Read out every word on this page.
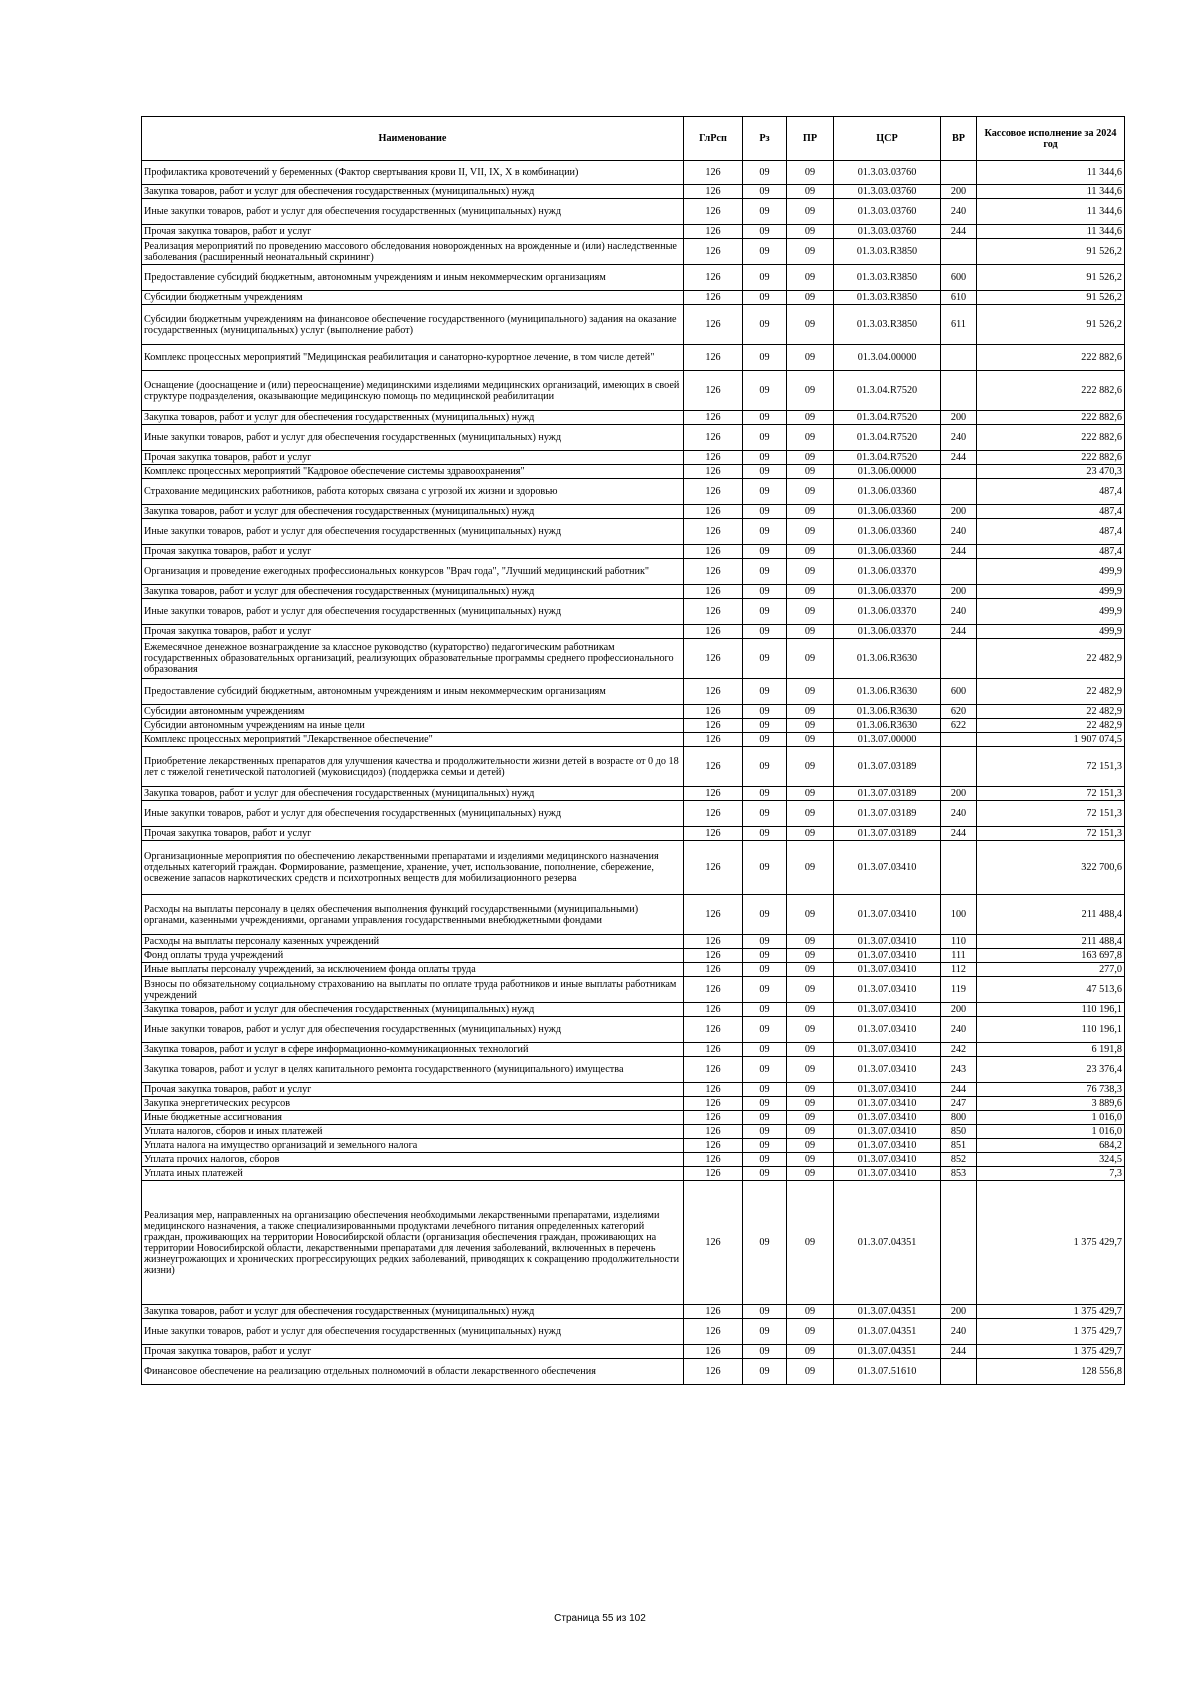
Наименование	ГлРсп	Рз	ПР	ЦСР	ВР	Кассовое исполнение за 2024 год
Профилактика кровотечений у беременных (Фактор свертывания крови II, VII, IX, X в комбинации)	126	09	09	01.3.03.03760		11 344,6
Закупка товаров, работ и услуг для обеспечения государственных (муниципальных) нужд	126	09	09	01.3.03.03760	200	11 344,6
Иные закупки товаров, работ и услуг для обеспечения государственных (муниципальных) нужд	126	09	09	01.3.03.03760	240	11 344,6
Прочая закупка товаров, работ и услуг	126	09	09	01.3.03.03760	244	11 344,6
Реализация мероприятий по проведению массового обследования новорожденных на врожденные и (или) наследственные заболевания (расширенный неонатальный скрининг)	126	09	09	01.3.03.R3850		91 526,2
Предоставление субсидий бюджетным, автономным учреждениям и иным некоммерческим организациям	126	09	09	01.3.03.R3850	600	91 526,2
Субсидии бюджетным учреждениям	126	09	09	01.3.03.R3850	610	91 526,2
Субсидии бюджетным учреждениям на финансовое обеспечение государственного (муниципального) задания на оказание государственных (муниципальных) услуг (выполнение работ)	126	09	09	01.3.03.R3850	611	91 526,2
Комплекс процессных мероприятий "Медицинская реабилитация и санаторно-курортное лечение, в том числе детей"	126	09	09	01.3.04.00000		222 882,6
Оснащение (дооснащение и (или) переоснащение) медицинскими изделиями медицинских организаций, имеющих в своей структуре подразделения, оказывающие медицинскую помощь по медицинской реабилитации	126	09	09	01.3.04.R7520		222 882,6
Закупка товаров, работ и услуг для обеспечения государственных (муниципальных) нужд	126	09	09	01.3.04.R7520	200	222 882,6
Иные закупки товаров, работ и услуг для обеспечения государственных (муниципальных) нужд	126	09	09	01.3.04.R7520	240	222 882,6
Прочая закупка товаров, работ и услуг	126	09	09	01.3.04.R7520	244	222 882,6
Комплекс процессных мероприятий "Кадровое обеспечение системы здравоохранения"	126	09	09	01.3.06.00000		23 470,3
Страхование медицинских работников, работа которых связана с угрозой их жизни и здоровью	126	09	09	01.3.06.03360		487,4
Закупка товаров, работ и услуг для обеспечения государственных (муниципальных) нужд	126	09	09	01.3.06.03360	200	487,4
Иные закупки товаров, работ и услуг для обеспечения государственных (муниципальных) нужд	126	09	09	01.3.06.03360	240	487,4
Прочая закупка товаров, работ и услуг	126	09	09	01.3.06.03360	244	487,4
Организация и проведение ежегодных профессиональных конкурсов "Врач года", "Лучший медицинский работник"	126	09	09	01.3.06.03370		499,9
Закупка товаров, работ и услуг для обеспечения государственных (муниципальных) нужд	126	09	09	01.3.06.03370	200	499,9
Иные закупки товаров, работ и услуг для обеспечения государственных (муниципальных) нужд	126	09	09	01.3.06.03370	240	499,9
Прочая закупка товаров, работ и услуг	126	09	09	01.3.06.03370	244	499,9
Ежемесячное денежное вознаграждение за классное руководство (кураторство) педагогическим работникам государственных образовательных организаций, реализующих образовательные программы среднего профессионального образования	126	09	09	01.3.06.R3630		22 482,9
Предоставление субсидий бюджетным, автономным учреждениям и иным некоммерческим организациям	126	09	09	01.3.06.R3630	600	22 482,9
Субсидии автономным учреждениям	126	09	09	01.3.06.R3630	620	22 482,9
Субсидии автономным учреждениям на иные цели	126	09	09	01.3.06.R3630	622	22 482,9
Комплекс процессных мероприятий "Лекарственное обеспечение"	126	09	09	01.3.07.00000		1 907 074,5
Приобретение лекарственных препаратов для улучшения качества и продолжительности жизни детей в возрасте от 0 до 18 лет с тяжелой генетической патологией (муковисцидоз) (поддержка семьи и детей)	126	09	09	01.3.07.03189		72 151,3
Закупка товаров, работ и услуг для обеспечения государственных (муниципальных) нужд	126	09	09	01.3.07.03189	200	72 151,3
Иные закупки товаров, работ и услуг для обеспечения государственных (муниципальных) нужд	126	09	09	01.3.07.03189	240	72 151,3
Прочая закупка товаров, работ и услуг	126	09	09	01.3.07.03189	244	72 151,3
Организационные мероприятия по обеспечению лекарственными препаратами и изделиями медицинского назначения отдельных категорий граждан. Формирование, размещение, хранение, учет, использование, пополнение, сбережение, освежение запасов наркотических средств и психотропных веществ для мобилизационного резерва	126	09	09	01.3.07.03410		322 700,6
Расходы на выплаты персоналу в целях обеспечения выполнения функций государственными (муниципальными) органами, казенными учреждениями, органами управления государственными внебюджетными фондами	126	09	09	01.3.07.03410	100	211 488,4
Расходы на выплаты персоналу казенных учреждений	126	09	09	01.3.07.03410	110	211 488,4
Фонд оплаты труда учреждений	126	09	09	01.3.07.03410	111	163 697,8
Иные выплаты персоналу учреждений, за исключением фонда оплаты труда	126	09	09	01.3.07.03410	112	277,0
Взносы по обязательному социальному страхованию на выплаты по оплате труда работников и иные выплаты работникам учреждений	126	09	09	01.3.07.03410	119	47 513,6
Закупка товаров, работ и услуг для обеспечения государственных (муниципальных) нужд	126	09	09	01.3.07.03410	200	110 196,1
Иные закупки товаров, работ и услуг для обеспечения государственных (муниципальных) нужд	126	09	09	01.3.07.03410	240	110 196,1
Закупка товаров, работ и услуг в сфере информационно-коммуникационных технологий	126	09	09	01.3.07.03410	242	6 191,8
Закупка товаров, работ и услуг в целях капитального ремонта государственного (муниципального) имущества	126	09	09	01.3.07.03410	243	23 376,4
Прочая закупка товаров, работ и услуг	126	09	09	01.3.07.03410	244	76 738,3
Закупка энергетических ресурсов	126	09	09	01.3.07.03410	247	3 889,6
Иные бюджетные ассигнования	126	09	09	01.3.07.03410	800	1 016,0
Уплата налогов, сборов и иных платежей	126	09	09	01.3.07.03410	850	1 016,0
Уплата налога на имущество организаций и земельного налога	126	09	09	01.3.07.03410	851	684,2
Уплата прочих налогов, сборов	126	09	09	01.3.07.03410	852	324,5
Уплата иных платежей	126	09	09	01.3.07.03410	853	7,3
Реализация мер, направленных на организацию обеспечения необходимыми лекарственными препаратами, изделиями медицинского назначения, а также специализированными продуктами лечебного питания определенных категорий граждан, проживающих на территории Новосибирской области (организация обеспечения граждан, проживающих на территории Новосибирской области, лекарственными препаратами для лечения заболеваний, включенных в перечень жизнеугрожающих и хронических прогрессирующих редких заболеваний, приводящих к сокращению продолжительности жизни)	126	09	09	01.3.07.04351		1 375 429,7
Закупка товаров, работ и услуг для обеспечения государственных (муниципальных) нужд	126	09	09	01.3.07.04351	200	1 375 429,7
Иные закупки товаров, работ и услуг для обеспечения государственных (муниципальных) нужд	126	09	09	01.3.07.04351	240	1 375 429,7
Прочая закупка товаров, работ и услуг	126	09	09	01.3.07.04351	244	1 375 429,7
Финансовое обеспечение на реализацию отдельных полномочий в области лекарственного обеспечения	126	09	09	01.3.07.51610		128 556,8
Страница 55 из 102
